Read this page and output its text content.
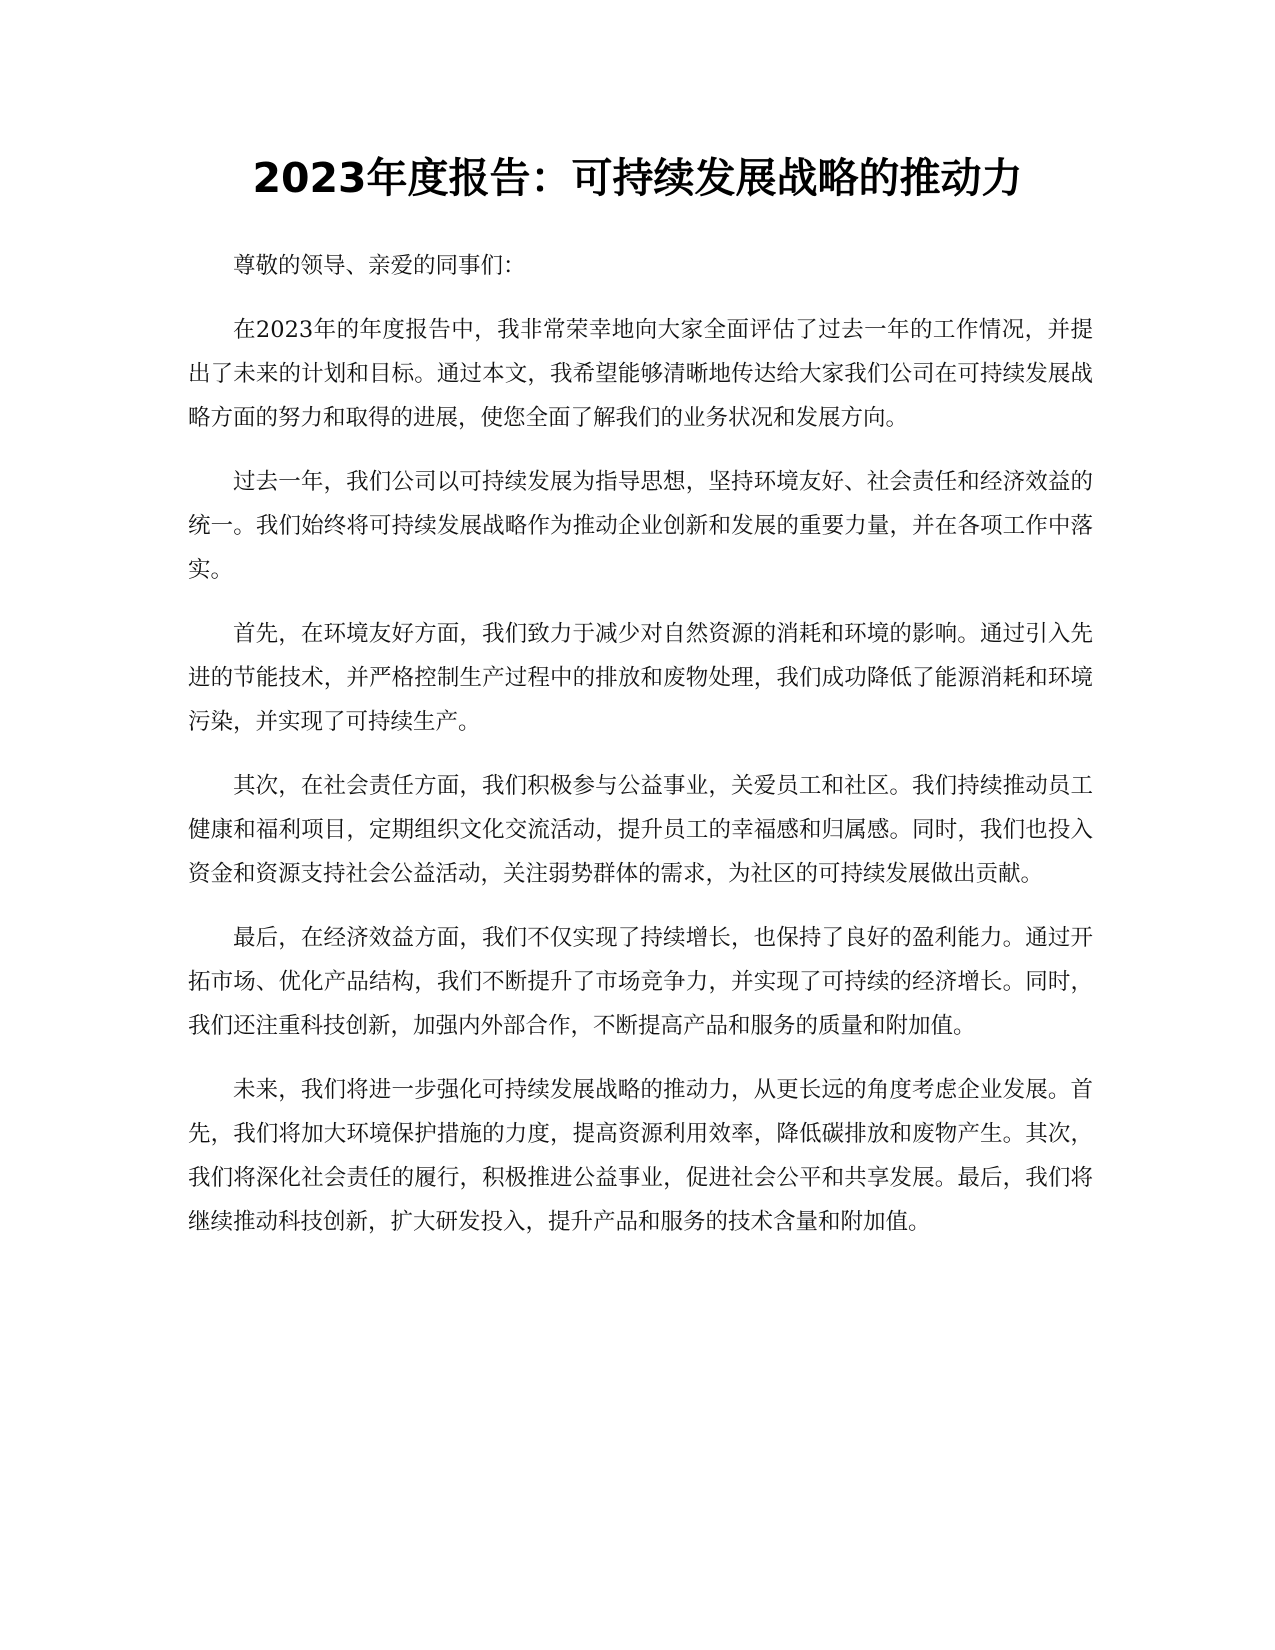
2023年度报告：可持续发展战略的推动力

尊敬的领导、亲爱的同事们：

在2023年的年度报告中，我非常荣幸地向大家全面评估了过去一年的工作情况，并提出了未来的计划和目标。通过本文，我希望能够清晰地传达给大家我们公司在可持续发展战略方面的努力和取得的进展，使您全面了解我们的业务状况和发展方向。

过去一年，我们公司以可持续发展为指导思想，坚持环境友好、社会责任和经济效益的统一。我们始终将可持续发展战略作为推动企业创新和发展的重要力量，并在各项工作中落实。

首先，在环境友好方面，我们致力于减少对自然资源的消耗和环境的影响。通过引入先进的节能技术，并严格控制生产过程中的排放和废物处理，我们成功降低了能源消耗和环境污染，并实现了可持续生产。

其次，在社会责任方面，我们积极参与公益事业，关爱员工和社区。我们持续推动员工健康和福利项目，定期组织文化交流活动，提升员工的幸福感和归属感。同时，我们也投入资金和资源支持社会公益活动，关注弱势群体的需求，为社区的可持续发展做出贡献。

最后，在经济效益方面，我们不仅实现了持续增长，也保持了良好的盈利能力。通过开拓市场、优化产品结构，我们不断提升了市场竞争力，并实现了可持续的经济增长。同时，我们还注重科技创新，加强内外部合作，不断提高产品和服务的质量和附加值。

未来，我们将进一步强化可持续发展战略的推动力，从更长远的角度考虑企业发展。首先，我们将加大环境保护措施的力度，提高资源利用效率，降低碳排放和废物产生。其次，我们将深化社会责任的履行，积极推进公益事业，促进社会公平和共享发展。最后，我们将继续推动科技创新，扩大研发投入，提升产品和服务的技术含量和附加值。
